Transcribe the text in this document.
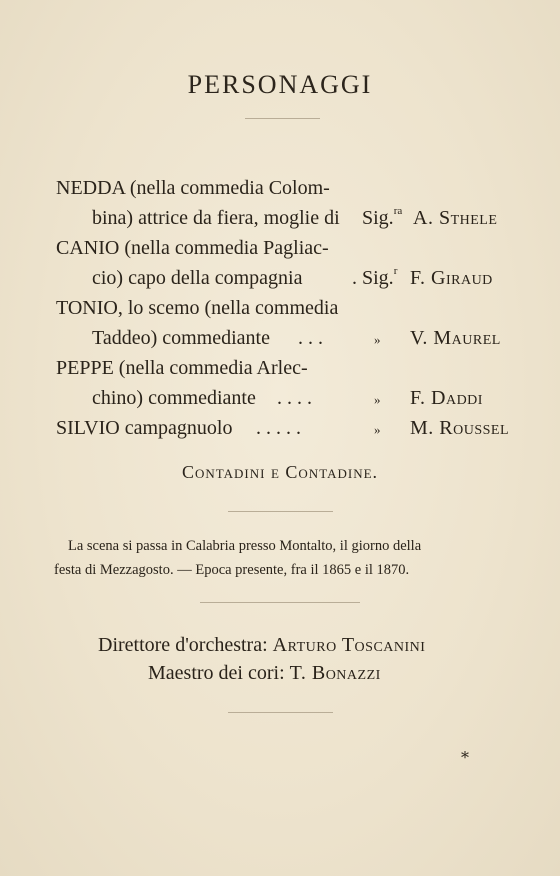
PERSONAGGI
NEDDA (nella commedia Colom-
bina) attrice da fiera, moglie di Sig.$^{ra}$ A. Sthele
CANIO (nella commedia Pagliac-
cio) capo della compagnia . Sig.$^r$ F. Giraud
TONIO, lo scemo (nella commedia
Taddeo) commediante . . .	» V. Maurel
PEPPE (nella commedia Arlec-
chino) commediante . . . .	» F. Daddi
SILVIO campagnuolo . . . . .	» M. Roussel
Contadini e Contadine.
La scena si passa in Calabria presso Montalto, il giorno della
festa di Mezzagosto. — Epoca presente, fra il 1865 e il 1870.
Direttore d'orchestra: Arturo Toscanini
Maestro dei cori: T. Bonazzi
*
